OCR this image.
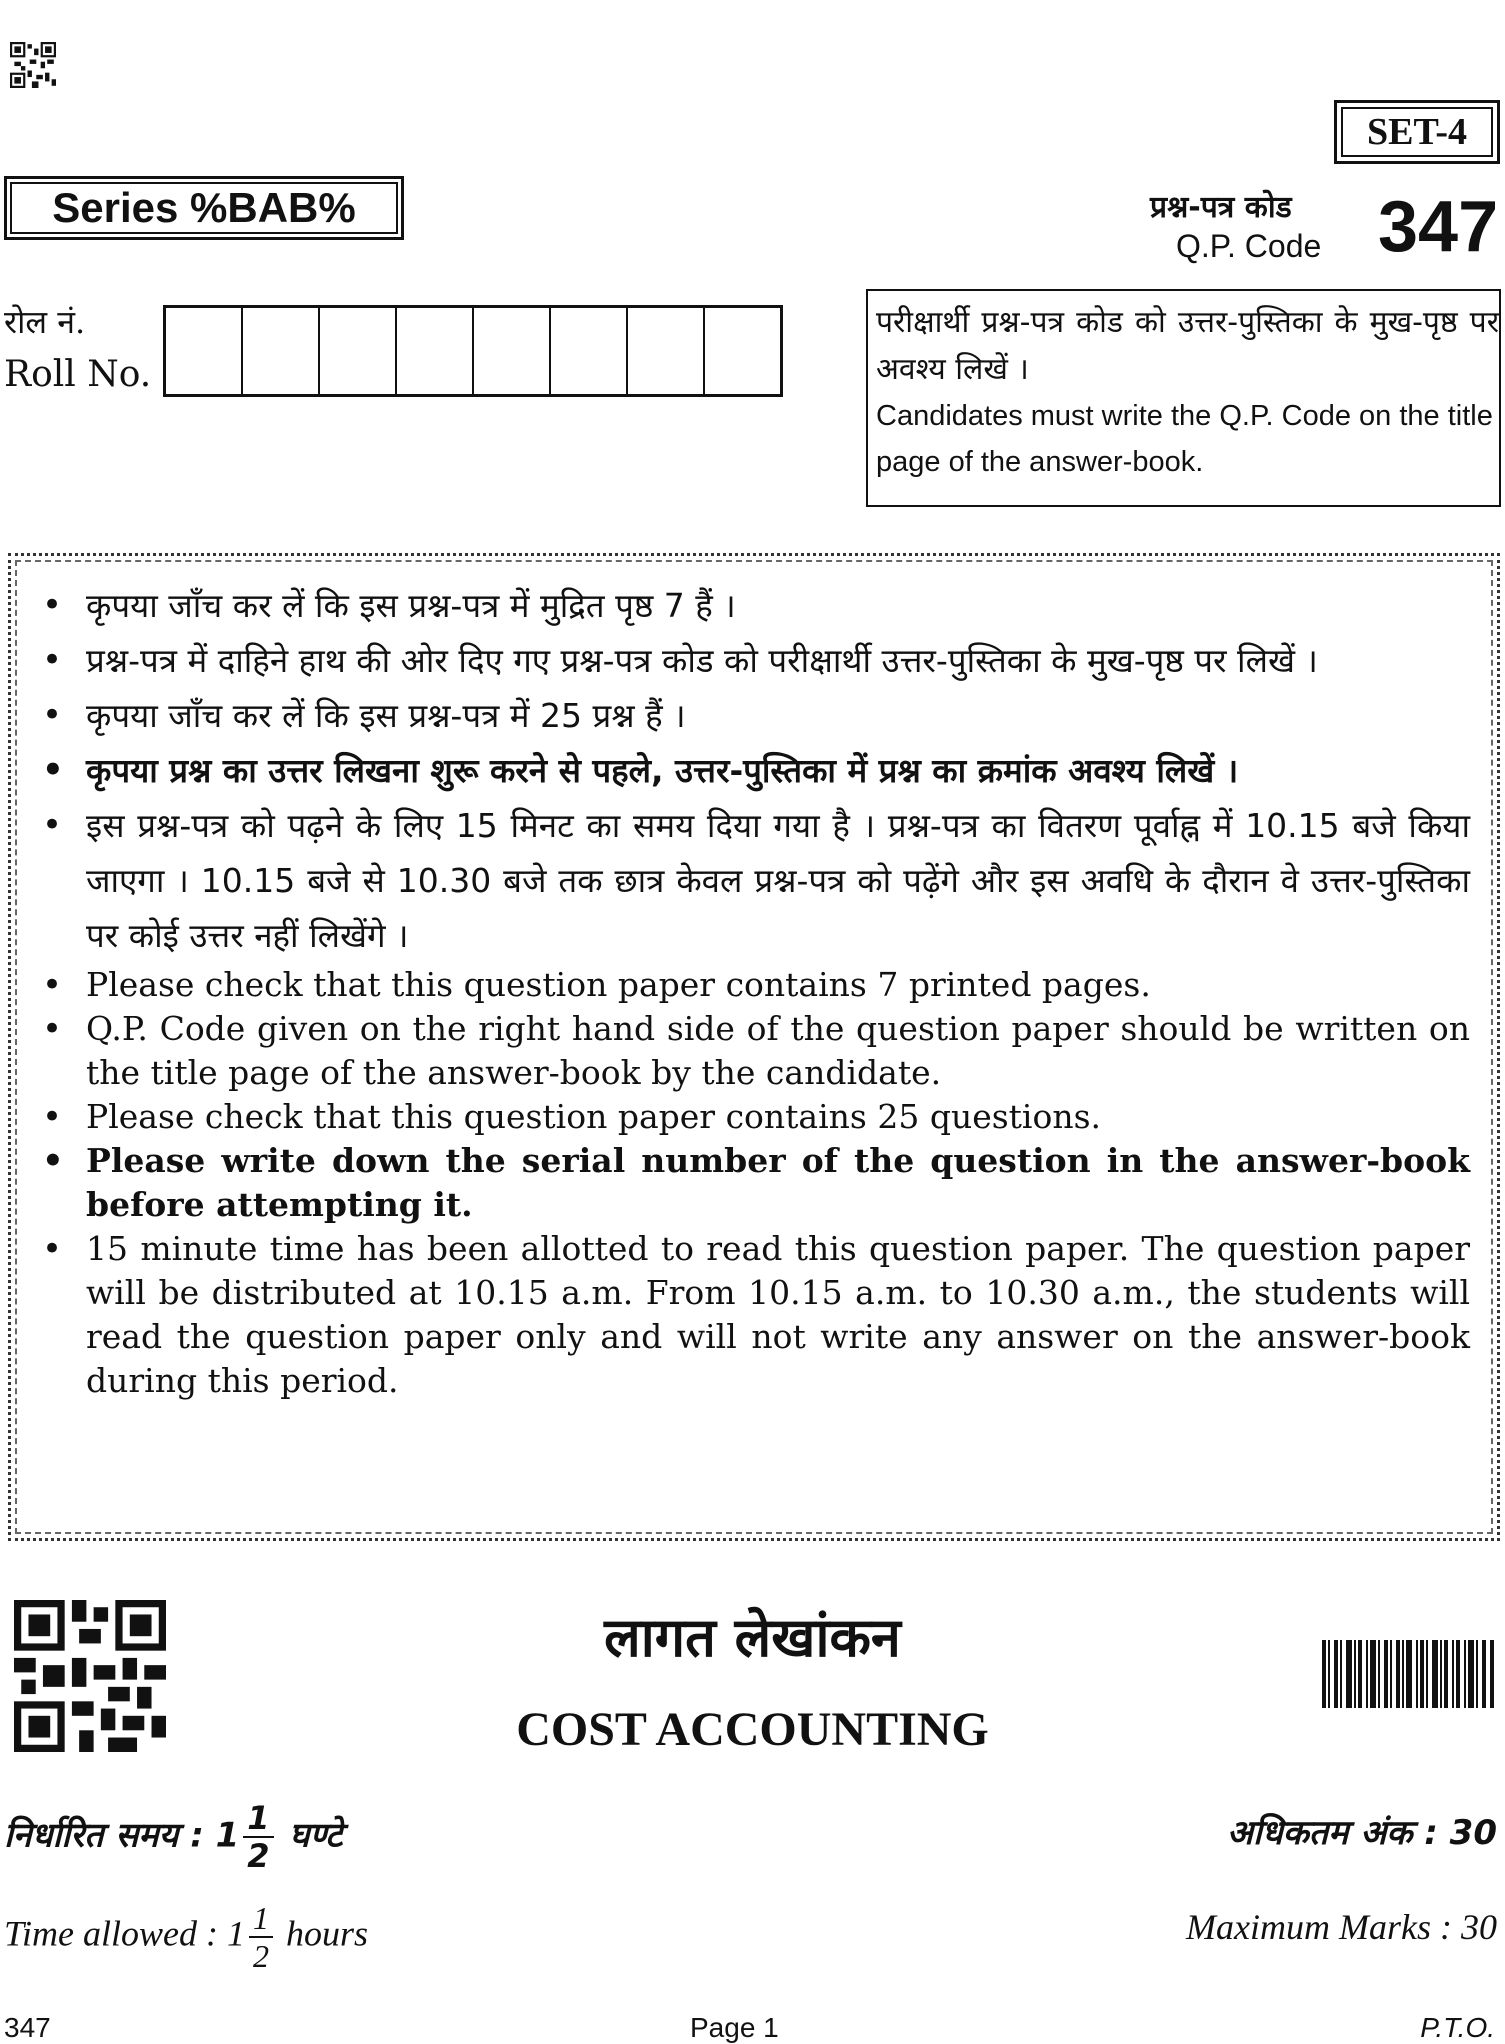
SET-4
Series %BAB%	प्रश्न-पत्र कोड
Q.P. Code 347
रोल नं.
Roll No.
परीक्षार्थी प्रश्न-पत्र कोड को उत्तर-पुस्तिका के मुख-पृष्ठ पर अवश्य लिखें ।
Candidates must write the Q.P. Code on the title page of the answer-book.
• कृपया जाँच कर लें कि इस प्रश्न-पत्र में मुद्रित पृष्ठ 7 हैं ।
• प्रश्न-पत्र में दाहिने हाथ की ओर दिए गए प्रश्न-पत्र कोड को परीक्षार्थी उत्तर-पुस्तिका के मुख-पृष्ठ पर लिखें ।
• कृपया जाँच कर लें कि इस प्रश्न-पत्र में 25 प्रश्न हैं ।
• कृपया प्रश्न का उत्तर लिखना शुरू करने से पहले, उत्तर-पुस्तिका में प्रश्न का क्रमांक अवश्य लिखें ।
• इस प्रश्न-पत्र को पढ़ने के लिए 15 मिनट का समय दिया गया है । प्रश्न-पत्र का वितरण पूर्वाह्न में 10.15 बजे किया जाएगा । 10.15 बजे से 10.30 बजे तक छात्र केवल प्रश्न-पत्र को पढ़ेंगे और इस अवधि के दौरान वे उत्तर-पुस्तिका पर कोई उत्तर नहीं लिखेंगे ।
• Please check that this question paper contains 7 printed pages.
• Q.P. Code given on the right hand side of the question paper should be written on the title page of the answer-book by the candidate.
• Please check that this question paper contains 25 questions.
• Please write down the serial number of the question in the answer-book before attempting it.
• 15 minute time has been allotted to read this question paper. The question paper will be distributed at 10.15 a.m. From 10.15 a.m. to 10.30 a.m., the students will read the question paper only and will not write any answer on the answer-book during this period.
लागत लेखांकन
COST ACCOUNTING
निर्धारित समय : $1 \frac{1}{2}$ घण्टे
Time allowed : $1 \frac{1}{2}$ hours
अधिकतम अंक : 30
Maximum Marks : 30
347	Page 1	P.T.O.
